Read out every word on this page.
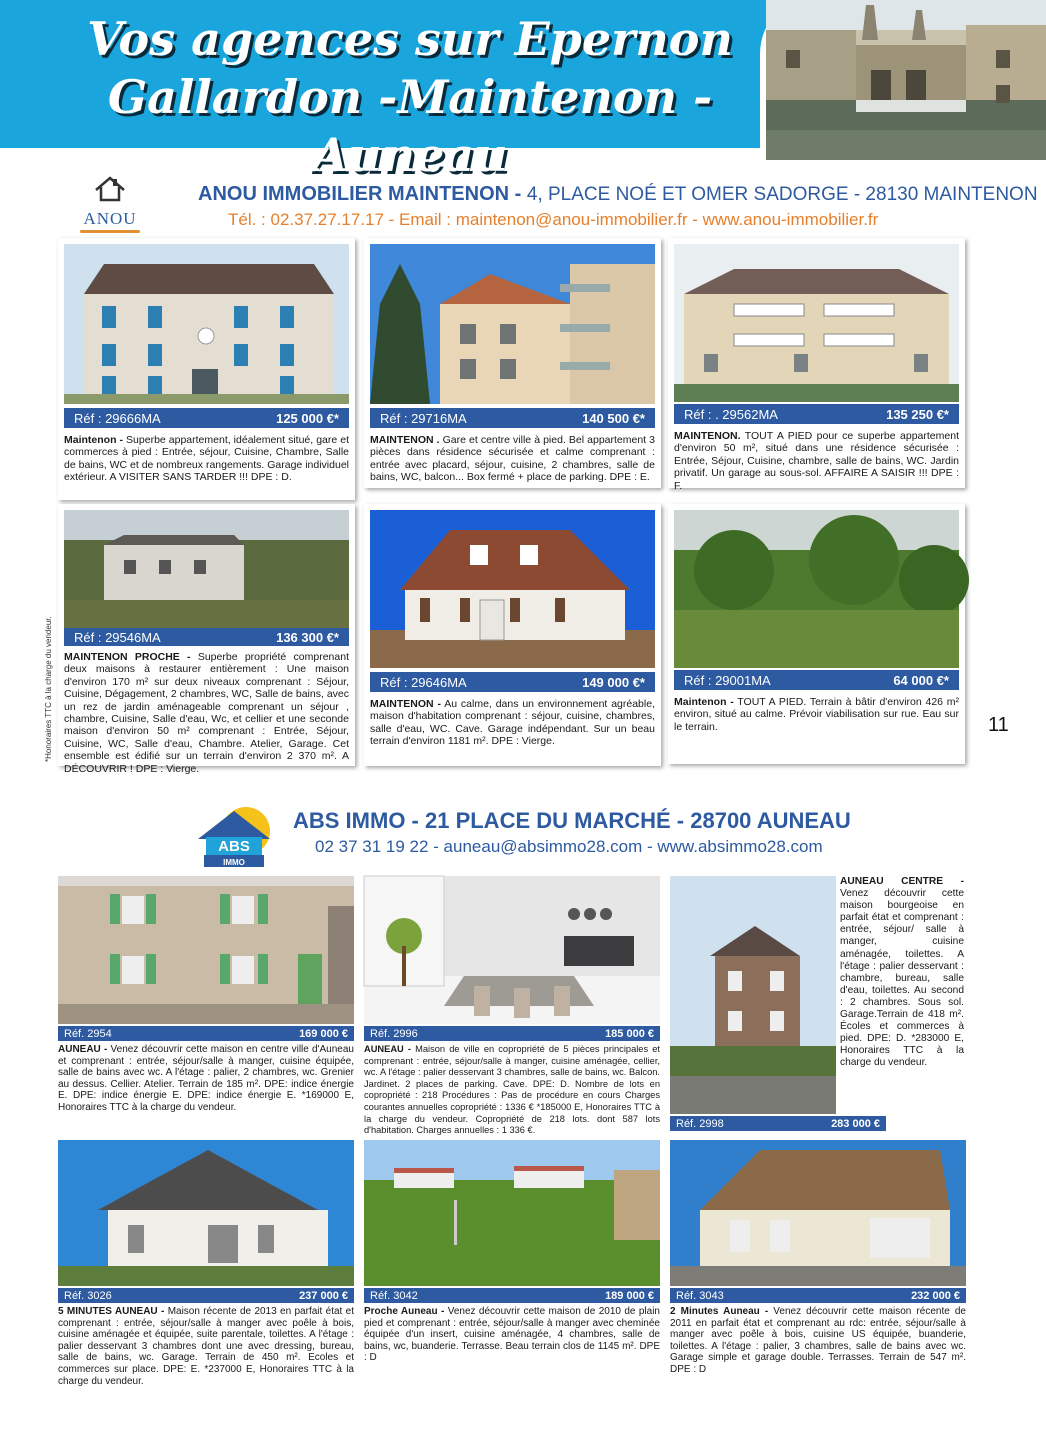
Vos agences sur Epernon
Gallardon -Maintenon - Auneau
ANOU
ANOU IMMOBILIER MAINTENON - 4, PLACE NOÉ ET OMER SADORGE - 28130 MAINTENON
Tél. : 02.37.27.17.17 - Email : maintenon@anou-immobilier.fr - www.anou-immobilier.fr
Réf : 29666MA	125 000 €*
Maintenon - Superbe appartement, idéalement situé, gare et commerces à pied : Entrée, séjour, Cuisine, Chambre, Salle de bains, WC et de nombreux rangements. Garage individuel extérieur. A VISITER SANS TARDER !!! DPE : D.
Réf : 29716MA	140 500 €*
MAINTENON . Gare et centre ville à pied. Bel appartement 3 pièces dans résidence sécurisée et calme comprenant : entrée avec placard, séjour, cuisine, 2 chambres, salle de bains, WC, balcon... Box fermé + place de parking. DPE : E.
Réf : . 29562MA	135 250 €*
MAINTENON. TOUT A PIED pour ce superbe appartement d'environ 50 m², situé dans une résidence sécurisée : Entrée, Séjour, Cuisine, chambre, salle de bains, WC. Jardin privatif. Un garage au sous-sol. AFFAIRE A SAISIR !!! DPE : F.
*Honoraires TTC à la charge du vendeur.	Réf : 29546MA	136 300 €*
MAINTENON PROCHE - Superbe propriété comprenant deux maisons à restaurer entièrement : Une maison d'environ 170 m² sur deux niveaux comprenant : Séjour, Cuisine, Dégagement, 2 chambres, WC, Salle de bains, avec un rez de jardin aménageable comprenant un séjour , chambre, Cuisine, Salle d'eau, Wc, et cellier et une seconde maison d'environ 50 m² comprenant : Entrée, Séjour, Cuisine, WC, Salle d'eau, Chambre. Atelier, Garage. Cet ensemble est édifié sur un terrain d'environ 2 370 m². A DÉCOUVRIR ! DPE : Vierge.
Réf : 29646MA	149 000 €*
MAINTENON - Au calme, dans un environnement agréable, maison d'habitation comprenant : séjour, cuisine, chambres, salle d'eau, WC. Cave. Garage indépendant. Sur un beau terrain d'environ 1181 m². DPE : Vierge.
Réf : 29001MA	64 000 €*
Maintenon - TOUT A PIED. Terrain à bâtir d'environ 426 m² environ, situé au calme. Prévoir viabilisation sur rue. Eau sur le terrain.	11
ABS
IMMO
ABS IMMO - 21 PLACE DU MARCHÉ - 28700 AUNEAU
02 37 31 19 22 - auneau@absimmo28.com - www.absimmo28.com
Réf. 2954	169 000 €
AUNEAU - Venez découvrir cette maison en centre ville d'Auneau et comprenant : entrée, séjour/salle à manger, cuisine équipée, salle de bains avec wc. A l'étage : palier, 2 chambres, wc. Grenier au dessus. Cellier. Atelier. Terrain de 185 m². DPE: indice énergie E. DPE: indice énergie E. DPE: indice énergie E. *169000 E, Honoraires TTC à la charge du vendeur.
Réf. 2996	185 000 €
AUNEAU - Maison de ville en copropriété de 5 pièces principales et comprenant : entrée, séjour/salle à manger, cuisine aménagée, cellier, wc. A l'étage : palier desservant 3 chambres, salle de bains, wc. Balcon. Jardinet. 2 places de parking. Cave. DPE: D. Nombre de lots en copropriété : 218 Procédures : Pas de procédure en cours Charges courantes annuelles copropriété : 1336 € *185000 E, Honoraires TTC à la charge du vendeur. Copropriété de 218 lots. dont 587 lots d'habitation. Charges annuelles : 1 336 €.
Réf. 2998	283 000 €
AUNEAU CENTRE - Venez découvrir cette maison bourgeoise en parfait état et comprenant : entrée, séjour/ salle à manger, cuisine aménagée, toilettes. A l'étage : palier desservant : chambre, bureau, salle d'eau, toilettes. Au second : 2 chambres. Sous sol. Garage.Terrain de 418 m². Écoles et commerces à pied. DPE: D. *283000 E, Honoraires TTC à la charge du vendeur.
Réf. 3026	237 000 €
5 MINUTES AUNEAU - Maison récente de 2013 en parfait état et comprenant : entrée, séjour/salle à manger avec poêle à bois, cuisine aménagée et équipée, suite parentale, toilettes. A l'étage : palier desservant 3 chambres dont une avec dressing, bureau, salle de bains, wc. Garage. Terrain de 450 m². Ecoles et commerces sur place. DPE: E. *237000 E, Honoraires TTC à la charge du vendeur.
Réf. 3042	189 000 €
Proche Auneau - Venez découvrir cette maison de 2010 de plain pied et comprenant : entrée, séjour/salle à manger avec cheminée équipée d'un insert, cuisine aménagée, 4 chambres, salle de bains, wc, buanderie. Terrasse. Beau terrain clos de 1145 m². DPE : D
Réf. 3043	232 000 €
2 Minutes Auneau - Venez découvrir cette maison récente de 2011 en parfait état et comprenant au rdc: entrée, séjour/salle à manger avec poêle à bois, cuisine US équipée, buanderie, toilettes. A l'étage : palier, 3 chambres, salle de bains avec wc. Garage simple et garage double. Terrasses. Terrain de 547 m². DPE : D
